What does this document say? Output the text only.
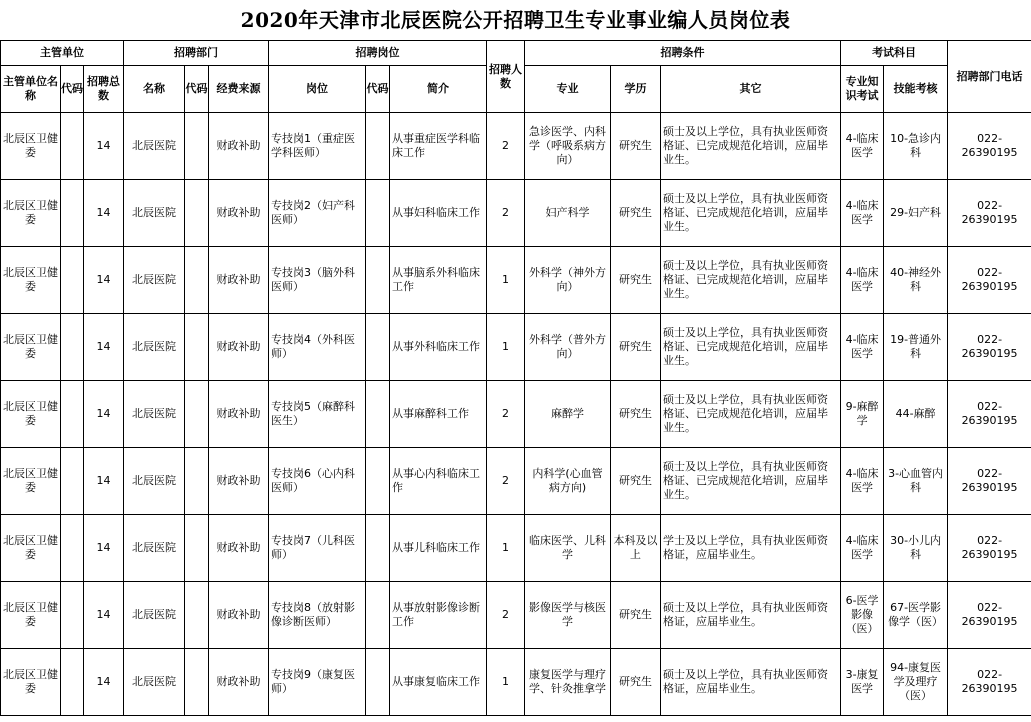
2020年天津市北辰医院公开招聘卫生专业事业编人员岗位表
主管单位			招聘部门			招聘岗位			招聘人数	招聘条件			考试科目		招聘部门电话
主管单位名称	代码	招聘总数	名称	代码	经费来源	岗位	代码	简介		专业	学历	其它	专业知识考试	技能考核	
北辰区卫健委		14	北辰医院		财政补助	专技岗1（重症医学科医师）		从事重症医学科临床工作	2	急诊医学、内科学（呼吸系病方向）	研究生	硕士及以上学位，具有执业医师资格证、已完成规范化培训，应届毕业生。	4-临床医学	10-急诊内科	022-26390195
北辰区卫健委		14	北辰医院		财政补助	专技岗2（妇产科医师）		从事妇科临床工作	2	妇产科学	研究生	硕士及以上学位，具有执业医师资格证、已完成规范化培训，应届毕业生。	4-临床医学	29-妇产科	022-26390195
北辰区卫健委		14	北辰医院		财政补助	专技岗3（脑外科医师）		从事脑系外科临床工作	1	外科学（神外方向）	研究生	硕士及以上学位，具有执业医师资格证、已完成规范化培训，应届毕业生。	4-临床医学	40-神经外科	022-26390195
北辰区卫健委		14	北辰医院		财政补助	专技岗4（外科医师）		从事外科临床工作	1	外科学（普外方向）	研究生	硕士及以上学位，具有执业医师资格证、已完成规范化培训，应届毕业生。	4-临床医学	19-普通外科	022-26390195
北辰区卫健委		14	北辰医院		财政补助	专技岗5（麻醉科医生）		从事麻醉科工作	2	麻醉学	研究生	硕士及以上学位，具有执业医师资格证、已完成规范化培训，应届毕业生。	9-麻醉学	44-麻醉	022-26390195
北辰区卫健委		14	北辰医院		财政补助	专技岗6（心内科医师）		从事心内科临床工作	2	内科学(心血管病方向)	研究生	硕士及以上学位，具有执业医师资格证、已完成规范化培训，应届毕业生。	4-临床医学	3-心血管内科	022-26390195
北辰区卫健委		14	北辰医院		财政补助	专技岗7（儿科医师）		从事儿科临床工作	1	临床医学、儿科学	本科及以上	学士及以上学位，具有执业医师资格证，应届毕业生。	4-临床医学	30-小儿内科	022-26390195
北辰区卫健委		14	北辰医院		财政补助	专技岗8（放射影像诊断医师）		从事放射影像诊断工作	2	影像医学与核医学	研究生	硕士及以上学位，具有执业医师资格证，应届毕业生。	6-医学影像（医）	67-医学影像学（医）	022-26390195
北辰区卫健委		14	北辰医院		财政补助	专技岗9（康复医师）		从事康复临床工作	1	康复医学与理疗学、针灸推拿学	研究生	硕士及以上学位，具有执业医师资格证，应届毕业生。	3-康复医学	94-康复医学及理疗（医）	022-26390195
